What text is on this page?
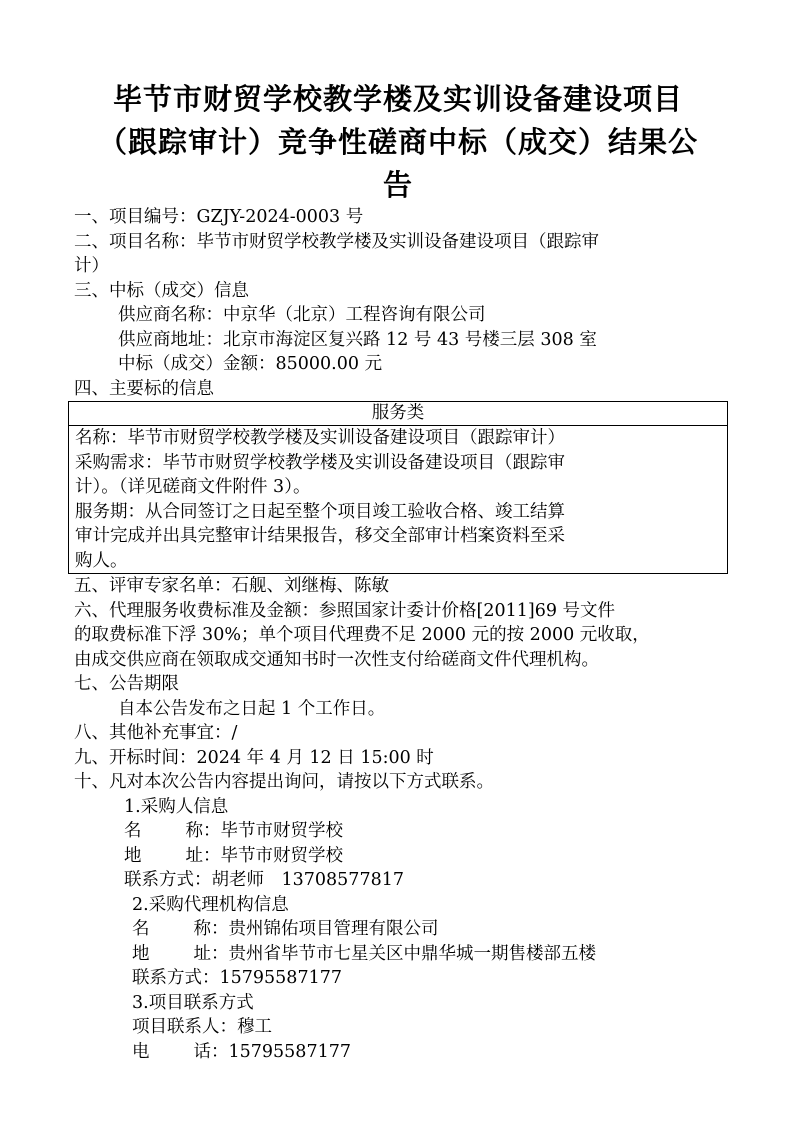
毕节市财贸学校教学楼及实训设备建设项目
（跟踪审计）竞争性磋商中标（成交）结果公
告
一、项目编号：GZJY-2024-0003 号
二、项目名称：毕节市财贸学校教学楼及实训设备建设项目（跟踪审
计）
三、中标（成交）信息
供应商名称：中京华（北京）工程咨询有限公司
供应商地址：北京市海淀区复兴路 12 号 43 号楼三层 308 室
中标（成交）金额：85000.00 元
四、主要标的信息
服务类
名称：毕节市财贸学校教学楼及实训设备建设项目（跟踪审计）
采购需求：毕节市财贸学校教学楼及实训设备建设项目（跟踪审
计）。（详见磋商文件附件 3）。
服务期：从合同签订之日起至整个项目竣工验收合格、竣工结算
审计完成并出具完整审计结果报告，移交全部审计档案资料至采
购人。
五、评审专家名单：石舰、刘继梅、陈敏
六、代理服务收费标准及金额：参照国家计委计价格[2011]69 号文件
的取费标准下浮 30%；单个项目代理费不足 2000 元的按 2000 元收取，
由成交供应商在领取成交通知书时一次性支付给磋商文件代理机构。
七、公告期限
自本公告发布之日起 1 个工作日。
八、其他补充事宜：/
九、开标时间：2024 年 4 月 12 日 15:00 时
十、凡对本次公告内容提出询问，请按以下方式联系。
1.采购人信息
名	称：毕节市财贸学校
地	址：毕节市财贸学校
联系方式：胡老师　13708577817
2.采购代理机构信息
名	称：贵州锦佑项目管理有限公司
地	址：贵州省毕节市七星关区中鼎华城一期售楼部五楼
联系方式：15795587177
3.项目联系方式
项目联系人：穆工
电	话：15795587177
